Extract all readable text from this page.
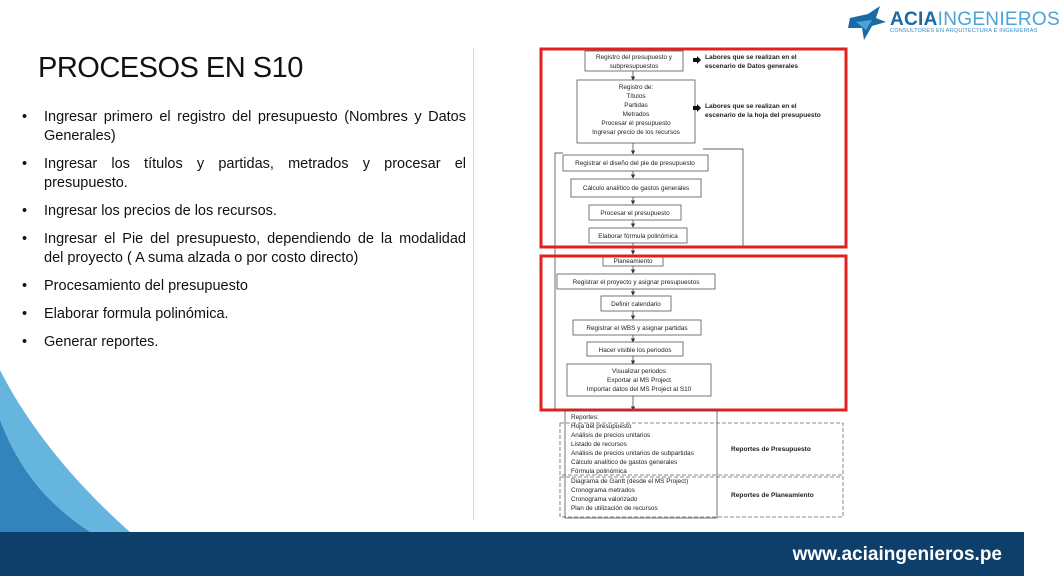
PROCESOS EN S10
• Ingresar primero el registro del presupuesto (Nombres y Datos Generales)
• Ingresar los títulos y partidas, metrados y procesar el presupuesto.
• Ingresar los precios de los recursos.
• Ingresar el Pie del presupuesto, dependiendo de la modalidad del proyecto ( A suma alzada o por costo directo)
• Procesamiento del presupuesto
• Elaborar formula polinómica.
• Generar reportes.
ACIAINGENIEROS
CONSULTORES EN ARQUITECTURA E INGENIERIAS
Registro del presupuesto y
subpresupuestos
Registro de:
Títulos
Partidas
Metrados
Procesar el presupuesto
Ingresar precio de los recursos
Registrar el diseño del pie de presupuesto
Cálculo analítico de gastos generales
Procesar el presupuesto
Elaborar fórmula polinómica
Planeamiento
Registrar el proyecto y asignar presupuestos
Definir calendario
Registrar el WBS y asignar partidas
Hacer visible los periodos
Visualizar periodos
Exportar al MS Project
Importar datos del MS Project al S10
Labores que se realizan en el
escenario de Datos generales
Labores que se realizan en el
escenario de la hoja del presupuesto
Reportes:
Hoja del presupuesto
Análisis de precios unitarios
Listado de recursos
Análisis de precios unitarios de subpartidas
Cálculo analítico de gastos generales
Fórmula polinómica
Diagrama de Gantt (desde el MS Project)
Cronograma metrados
Cronograma valorizado
Plan de utilización de recursos
Reportes de Presupuesto
Reportes de Planeamiento
www.aciaingenieros.pe
